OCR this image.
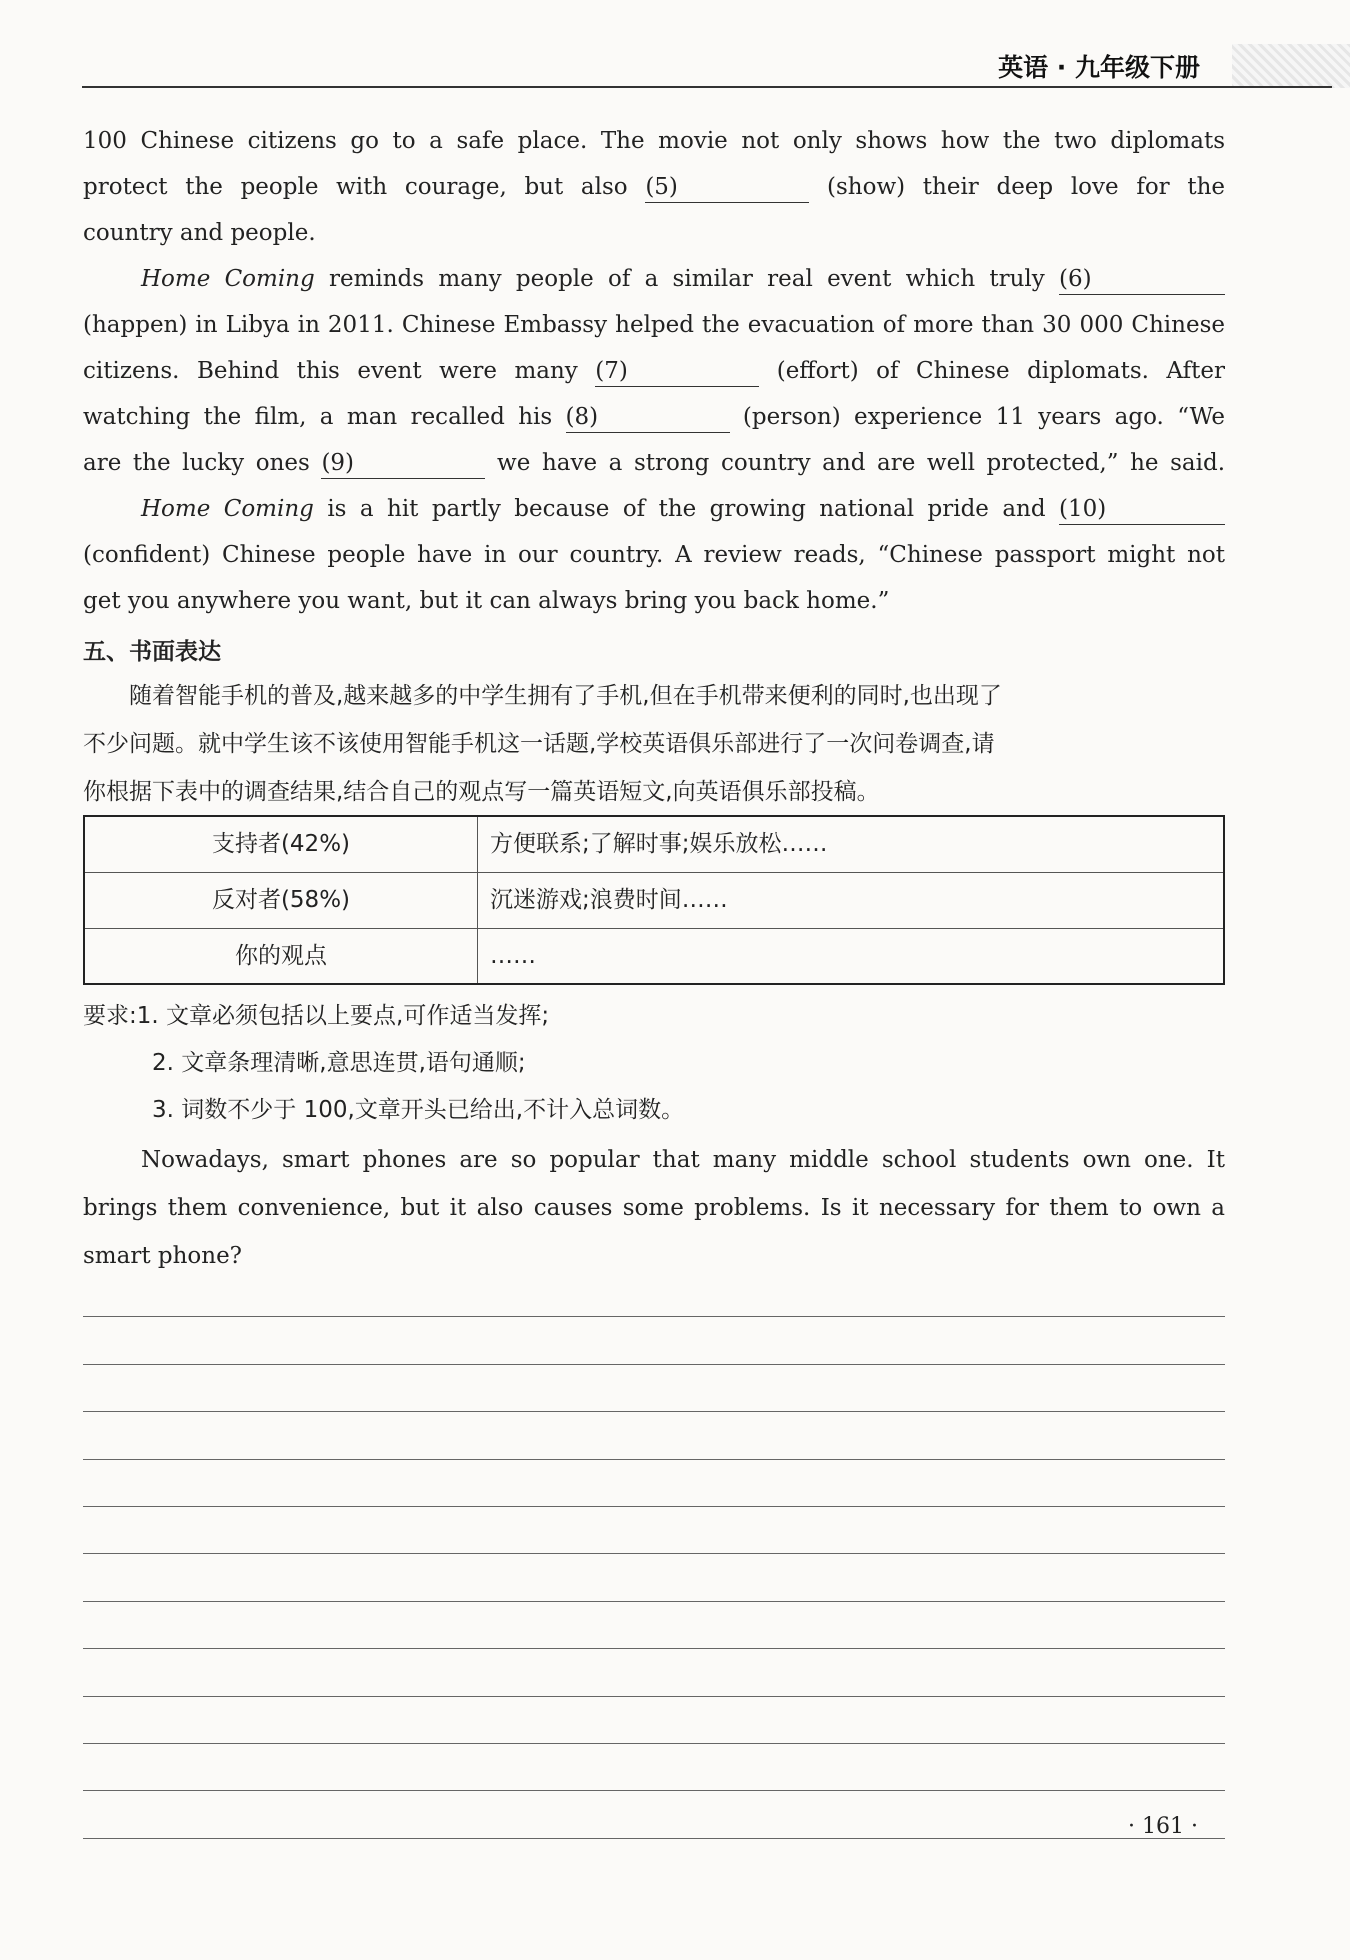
英语 · 九年级下册
100 Chinese citizens go to a safe place. The movie not only shows how the two diplomats
protect the people with courage, but also (5)	(show) their deep love for the
country and people.
Home Coming reminds many people of a similar real event which truly (6)
(happen) in Libya in 2011. Chinese Embassy helped the evacuation of more than 30 000 Chinese
citizens. Behind this event were many (7)	(effort) of Chinese diplomats. After
watching the film, a man recalled his (8)	(person) experience 11 years ago. “We
are the lucky ones (9)	we have a strong country and are well protected,” he said.
Home Coming is a hit partly because of the growing national pride and (10)
(confident) Chinese people have in our country. A review reads, “Chinese passport might not
get you anywhere you want, but it can always bring you back home.”
五、书面表达
随着智能手机的普及,越来越多的中学生拥有了手机,但在手机带来便利的同时,也出现了
不少问题。就中学生该不该使用智能手机这一话题,学校英语俱乐部进行了一次问卷调查,请
你根据下表中的调查结果,结合自己的观点写一篇英语短文,向英语俱乐部投稿。
支持者(42%)	方便联系;了解时事;娱乐放松……
反对者(58%)	沉迷游戏;浪费时间……
你的观点	……
要求:1. 文章必须包括以上要点,可作适当发挥;
2. 文章条理清晰,意思连贯,语句通顺;
3. 词数不少于 100,文章开头已给出,不计入总词数。
Nowadays, smart phones are so popular that many middle school students own one. It
brings them convenience, but it also causes some problems. Is it necessary for them to own a
smart phone?
· 161 ·
